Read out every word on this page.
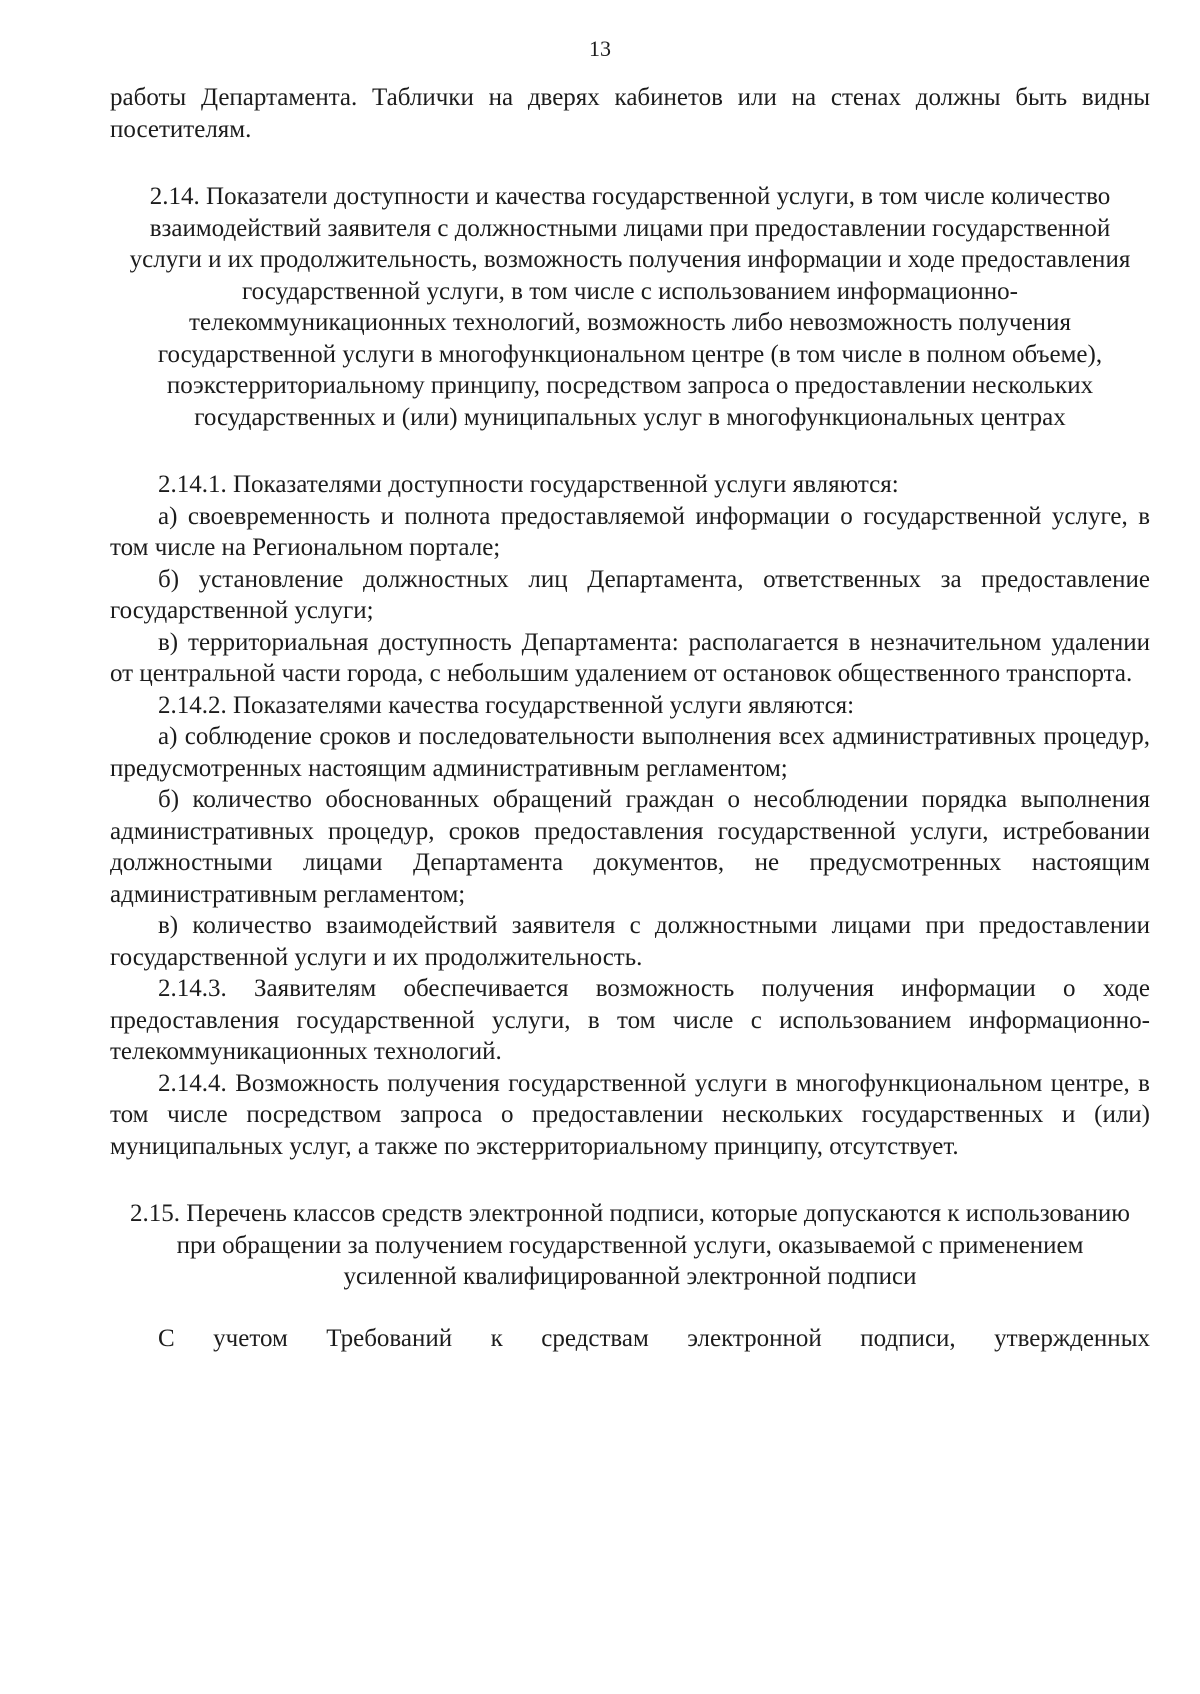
13

работы Департамента. Таблички на дверях кабинетов или на стенах должны быть видны посетителям.

2.14. Показатели доступности и качества государственной услуги, в том числе количество взаимодействий заявителя с должностными лицами при предоставлении государственной услуги и их продолжительность, возможность получения информации и ходе предоставления государственной услуги, в том числе с использованием информационно-телекоммуникационных технологий, возможность либо невозможность получения государственной услуги в многофункциональном центре (в том числе в полном объеме), поэкстерриториальному принципу, посредством запроса о предоставлении нескольких государственных и (или) муниципальных услуг в многофункциональных центрах

2.14.1. Показателями доступности государственной услуги являются:

а) своевременность и полнота предоставляемой информации о государственной услуге, в том числе на Региональном портале;

б) установление должностных лиц Департамента, ответственных за предоставление государственной услуги;

в) территориальная доступность Департамента: располагается в незначительном удалении от центральной части города, с небольшим удалением от остановок общественного транспорта.

2.14.2. Показателями качества государственной услуги являются:

а) соблюдение сроков и последовательности выполнения всех административных процедур, предусмотренных настоящим административным регламентом;

б) количество обоснованных обращений граждан о несоблюдении порядка выполнения административных процедур, сроков предоставления государственной услуги, истребовании должностными лицами Департамента документов, не предусмотренных настоящим административным регламентом;

в) количество взаимодействий заявителя с должностными лицами при предоставлении государственной услуги и их продолжительность.

2.14.3. Заявителям обеспечивается возможность получения информации о ходе предоставления государственной услуги, в том числе с использованием информационно-телекоммуникационных технологий.

2.14.4. Возможность получения государственной услуги в многофункциональном центре, в том числе посредством запроса о предоставлении нескольких государственных и (или) муниципальных услуг, а также по экстерриториальному принципу, отсутствует.

2.15. Перечень классов средств электронной подписи, которые допускаются к использованию при обращении за получением государственной услуги, оказываемой с применением усиленной квалифицированной электронной подписи

С учетом Требований к средствам электронной подписи, утвержденных
